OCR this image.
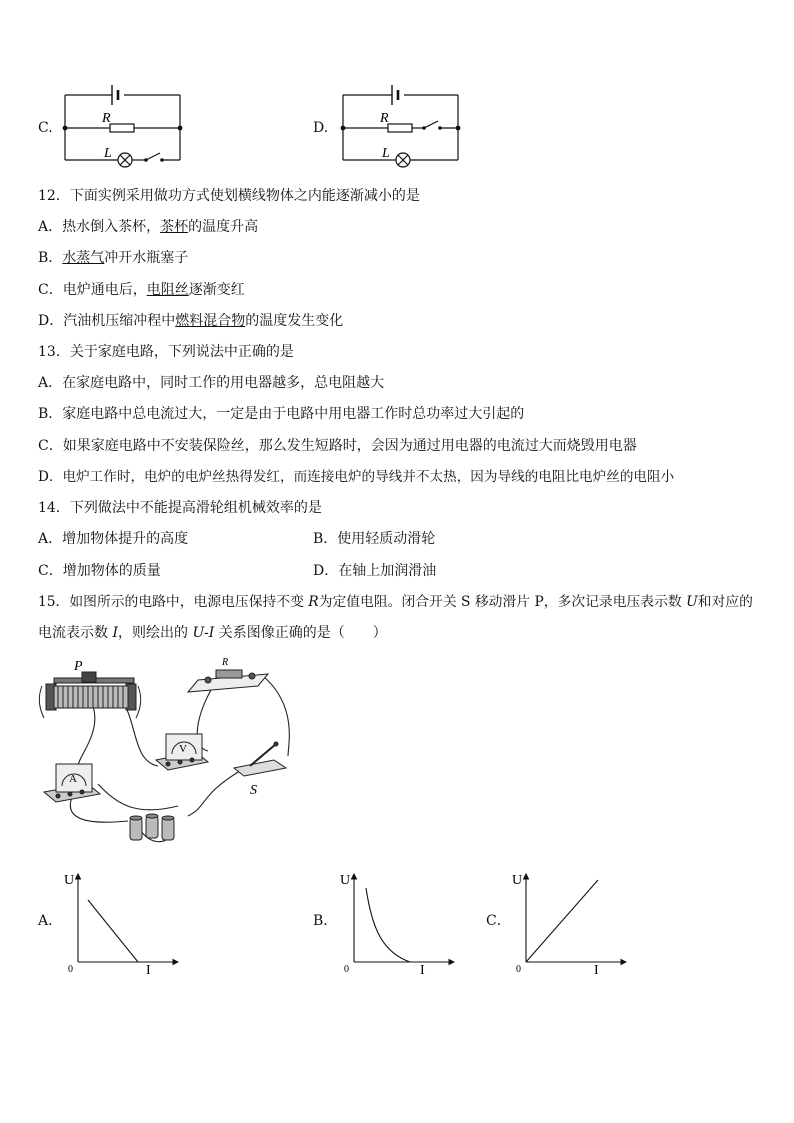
C.
R
L
D.
R
L
12．下面实例采用做功方式使划横线物体之内能逐渐减小的是
A．热水倒入茶杯，茶杯的温度升高
B．水蒸气冲开水瓶塞子
C．电炉通电后，电阻丝逐渐变红
D．汽油机压缩冲程中燃料混合物的温度发生变化
13．关于家庭电路，下列说法中正确的是
A．在家庭电路中，同时工作的用电器越多，总电阻越大
B．家庭电路中总电流过大，一定是由于电路中用电器工作时总功率过大引起的
C．如果家庭电路中不安装保险丝，那么发生短路时，会因为通过用电器的电流过大而烧毁用电器
D．电炉工作时，电炉的电炉丝热得发红，而连接电炉的导线并不太热，因为导线的电阻比电炉丝的电阻小
14．下列做法中不能提高滑轮组机械效率的是
A．增加物体提升的高度	B．使用轻质动滑轮
C．增加物体的质量	D．在轴上加润滑油
15．如图所示的电路中，电源电压保持不变 R为定值电阻。闭合开关 S 移动滑片 P，多次记录电压表示数 U和对应的
电流表示数 I，则绘出的 U-I 关系图像正确的是（　　）
P	R
V
A
S
A．
U
I
0
B．
U
I
0
C．
U
I
0
